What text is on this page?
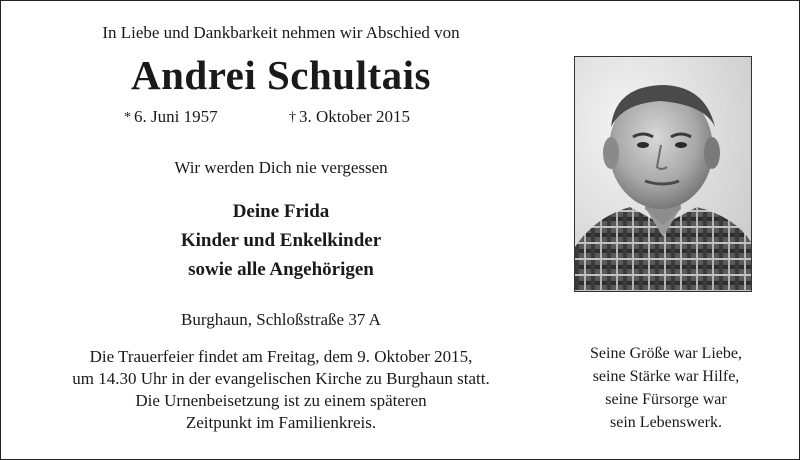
In Liebe und Dankbarkeit nehmen wir Abschied von
Andrei Schultais
* 6. Juni 1957	† 3. Oktober 2015
Wir werden Dich nie vergessen
Deine Frida
Kinder und Enkelkinder
sowie alle Angehörigen
Burghaun, Schloßstraße 37 A
Die Trauerfeier findet am Freitag, dem 9. Oktober 2015,
um 14.30 Uhr in der evangelischen Kirche zu Burghaun statt.
Die Urnenbeisetzung ist zu einem späteren
Zeitpunkt im Familienkreis.
Seine Größe war Liebe,
seine Stärke war Hilfe,
seine Fürsorge war
sein Lebenswerk.
